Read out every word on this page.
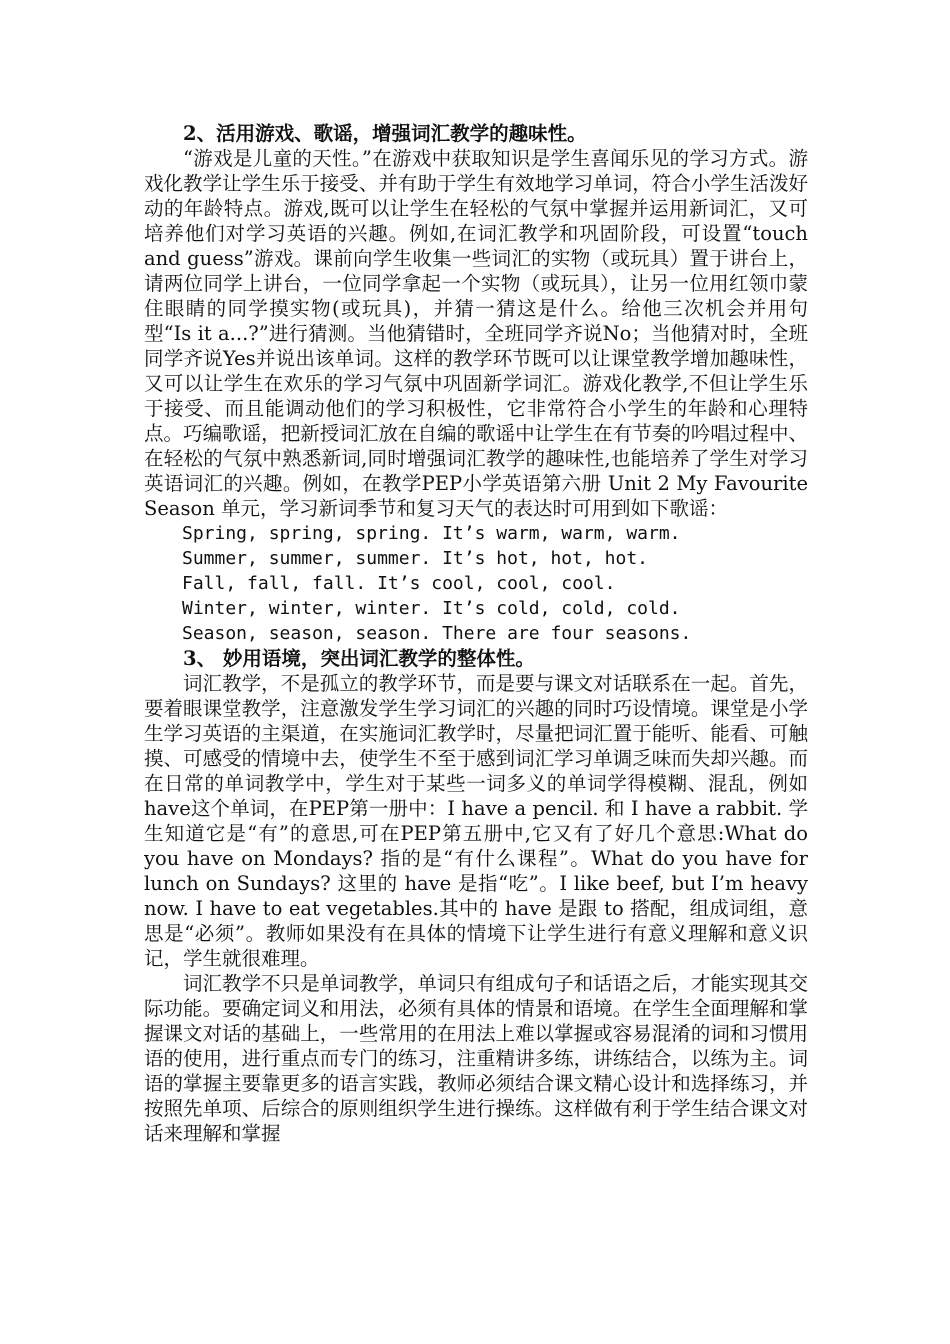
2、活用游戏、歌谣，增强词汇教学的趣味性。

“游戏是儿童的天性。”在游戏中获取知识是学生喜闻乐见的学习方式。游戏化教学让学生乐于接受、并有助于学生有效地学习单词，符合小学生活泼好动的年龄特点。游戏,既可以让学生在轻松的气氛中掌握并运用新词汇，又可培养他们对学习英语的兴趣。例如,在词汇教学和巩固阶段，可设置“touch and guess”游戏。课前向学生收集一些词汇的实物（或玩具）置于讲台上，请两位同学上讲台，一位同学拿起一个实物（或玩具），让另一位用红领巾蒙住眼睛的同学摸实物(或玩具)，并猜一猜这是什么。给他三次机会并用句型“Is it a...?”进行猜测。当他猜错时，全班同学齐说No；当他猜对时，全班同学齐说Yes并说出该单词。这样的教学环节既可以让课堂教学增加趣味性，又可以让学生在欢乐的学习气氛中巩固新学词汇。游戏化教学,不但让学生乐于接受、而且能调动他们的学习积极性，它非常符合小学生的年龄和心理特点。巧编歌谣，把新授词汇放在自编的歌谣中让学生在有节奏的吟唱过程中、在轻松的气氛中熟悉新词,同时增强词汇教学的趣味性,也能培养了学生对学习英语词汇的兴趣。例如，在教学PEP小学英语第六册 Unit 2 My Favourite Season 单元，学习新词季节和复习天气的表达时可用到如下歌谣：

Spring, spring, spring. It’s warm, warm, warm.

Summer, summer, summer. It’s hot, hot, hot.

Fall, fall, fall. It’s cool, cool, cool.

Winter, winter, winter. It’s cold, cold, cold.

Season, season, season. There are four seasons.

3、 妙用语境，突出词汇教学的整体性。

词汇教学，不是孤立的教学环节，而是要与课文对话联系在一起。首先，要着眼课堂教学，注意激发学生学习词汇的兴趣的同时巧设情境。课堂是小学生学习英语的主渠道，在实施词汇教学时，尽量把词汇置于能听、能看、可触摸、可感受的情境中去，使学生不至于感到词汇学习单调乏味而失却兴趣。而在日常的单词教学中，学生对于某些一词多义的单词学得模糊、混乱，例如have这个单词，在PEP第一册中：I have a pencil. 和 I have a rabbit. 学生知道它是“有”的意思,可在PEP第五册中,它又有了好几个意思:What do you have on Mondays? 指的是“有什么课程”。What do you have for lunch on Sundays? 这里的 have 是指“吃”。I like beef, but I’m heavy now. I have to eat vegetables.其中的 have 是跟 to 搭配，组成词组，意思是“必须”。教师如果没有在具体的情境下让学生进行有意义理解和意义识记，学生就很难理。

词汇教学不只是单词教学，单词只有组成句子和话语之后，才能实现其交际功能。要确定词义和用法，必须有具体的情景和语境。在学生全面理解和掌握课文对话的基础上，一些常用的在用法上难以掌握或容易混淆的词和习惯用语的使用，进行重点而专门的练习，注重精讲多练，讲练结合，以练为主。词语的掌握主要靠更多的语言实践，教师必须结合课文精心设计和选择练习，并按照先单项、后综合的原则组织学生进行操练。这样做有利于学生结合课文对话来理解和掌握
